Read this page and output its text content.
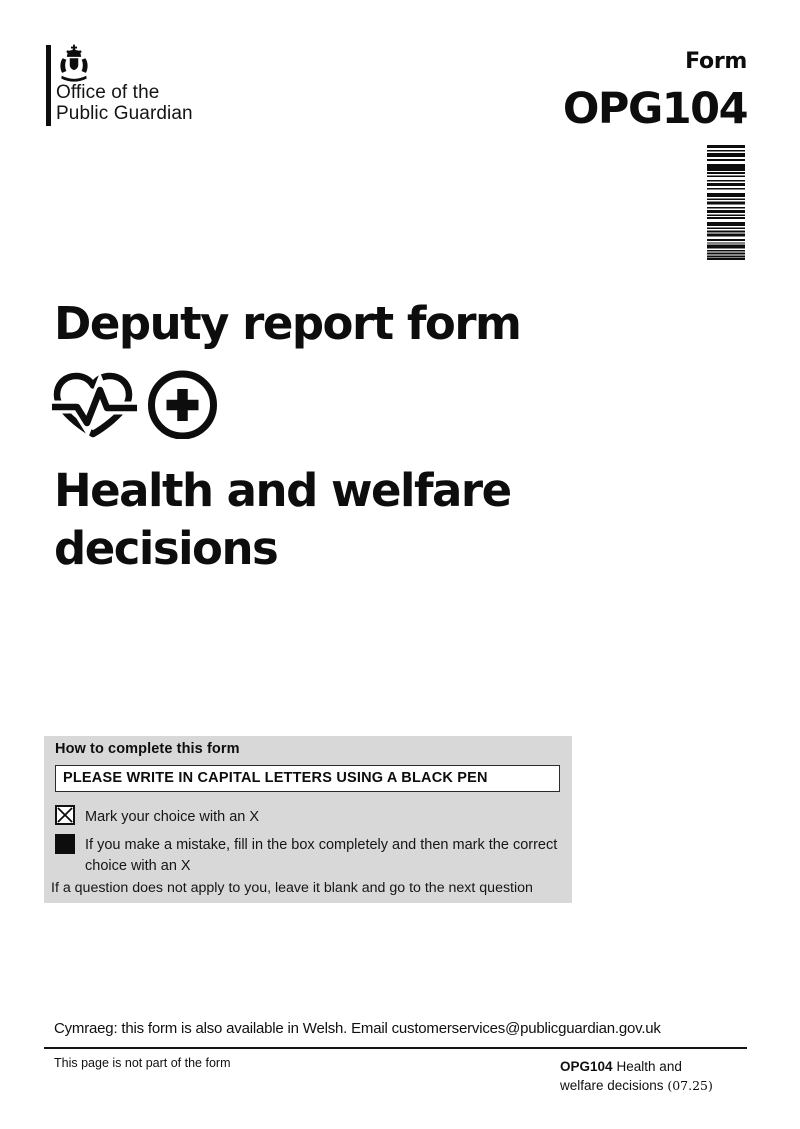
Office of the
Public Guardian
Form
OPG104
Deputy report form
Health and welfare
decisions
How to complete this form
PLEASE WRITE IN CAPITAL LETTERS USING A BLACK PEN
Mark your choice with an X
If you make a mistake, fill in the box completely and then mark the correct choice with an X
If a question does not apply to you, leave it blank and go to the next question
Cymraeg: this form is also available in Welsh. Email customerservices@publicguardian.gov.uk
This page is not part of the form	OPG104 Health and
welfare decisions (07.25)
